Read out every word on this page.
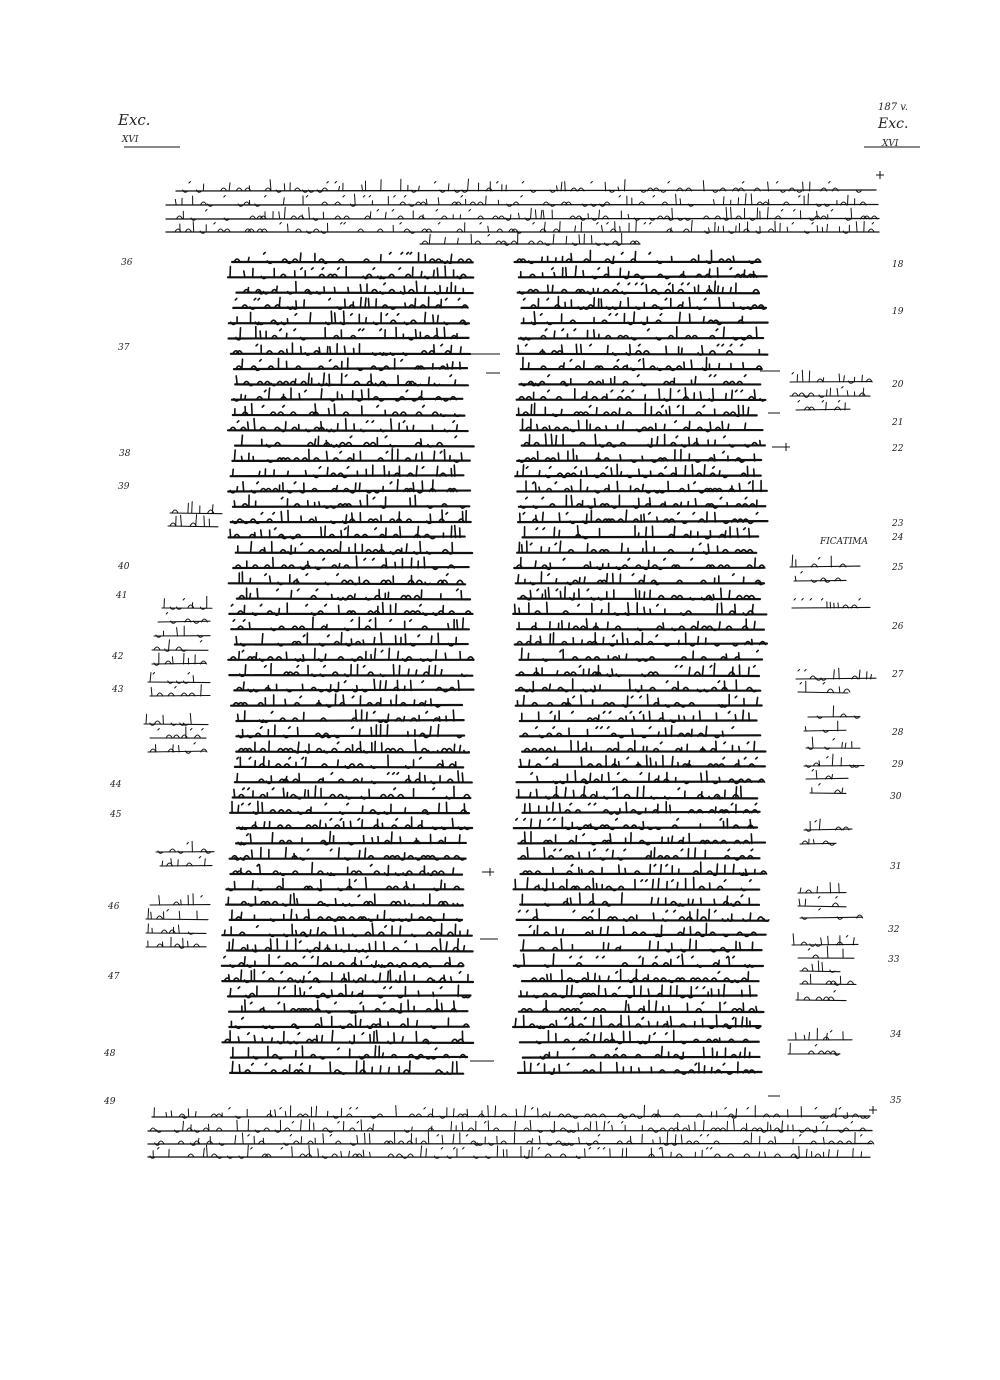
Exc.
XVI
187 v.
Exc.
XVI
36
37
38
39
40
41
42
43
44
45
46
47
48
49
18
19
20
21
22
23
24
25
26
27
28
29
30
31
32
33
34
35
FICATIMA
